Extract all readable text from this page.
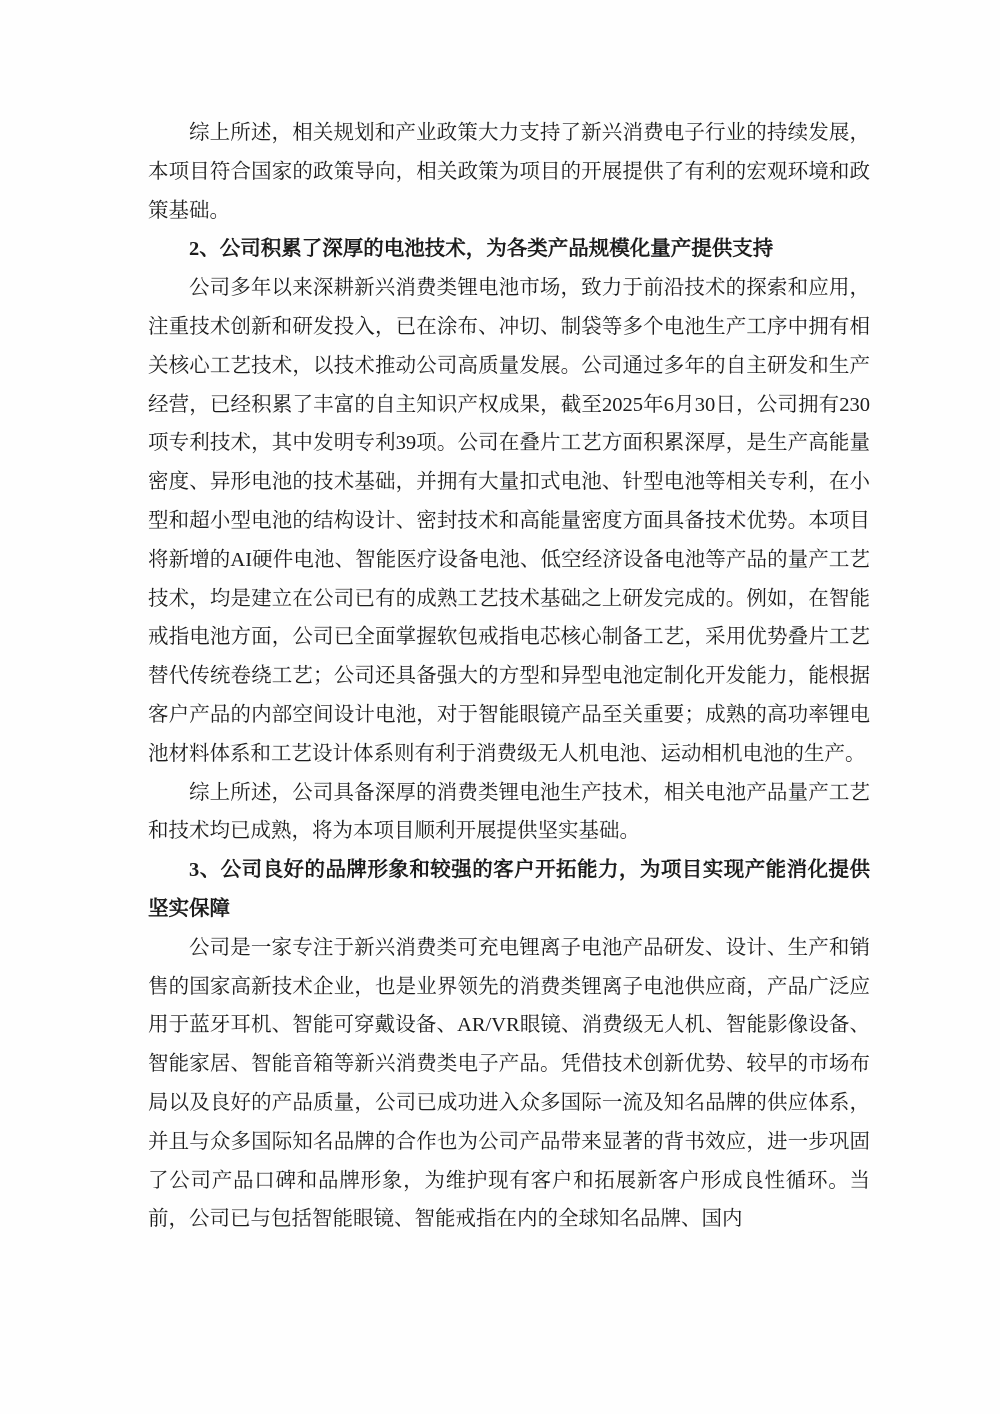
综上所述，相关规划和产业政策大力支持了新兴消费电子行业的持续发展，本项目符合国家的政策导向，相关政策为项目的开展提供了有利的宏观环境和政策基础。

2、公司积累了深厚的电池技术，为各类产品规模化量产提供支持

公司多年以来深耕新兴消费类锂电池市场，致力于前沿技术的探索和应用，注重技术创新和研发投入，已在涂布、冲切、制袋等多个电池生产工序中拥有相关核心工艺技术，以技术推动公司高质量发展。公司通过多年的自主研发和生产经营，已经积累了丰富的自主知识产权成果，截至2025年6月30日，公司拥有230项专利技术，其中发明专利39项。公司在叠片工艺方面积累深厚，是生产高能量密度、异形电池的技术基础，并拥有大量扣式电池、针型电池等相关专利，在小型和超小型电池的结构设计、密封技术和高能量密度方面具备技术优势。本项目将新增的AI硬件电池、智能医疗设备电池、低空经济设备电池等产品的量产工艺技术，均是建立在公司已有的成熟工艺技术基础之上研发完成的。例如，在智能戒指电池方面，公司已全面掌握软包戒指电芯核心制备工艺，采用优势叠片工艺替代传统卷绕工艺；公司还具备强大的方型和异型电池定制化开发能力，能根据客户产品的内部空间设计电池，对于智能眼镜产品至关重要；成熟的高功率锂电池材料体系和工艺设计体系则有利于消费级无人机电池、运动相机电池的生产。

综上所述，公司具备深厚的消费类锂电池生产技术，相关电池产品量产工艺和技术均已成熟，将为本项目顺利开展提供坚实基础。

3、公司良好的品牌形象和较强的客户开拓能力，为项目实现产能消化提供坚实保障

公司是一家专注于新兴消费类可充电锂离子电池产品研发、设计、生产和销售的国家高新技术企业，也是业界领先的消费类锂离子电池供应商，产品广泛应用于蓝牙耳机、智能可穿戴设备、AR/VR眼镜、消费级无人机、智能影像设备、智能家居、智能音箱等新兴消费类电子产品。凭借技术创新优势、较早的市场布局以及良好的产品质量，公司已成功进入众多国际一流及知名品牌的供应体系，并且与众多国际知名品牌的合作也为公司产品带来显著的背书效应，进一步巩固了公司产品口碑和品牌形象，为维护现有客户和拓展新客户形成良性循环。当前，公司已与包括智能眼镜、智能戒指在内的全球知名品牌、国内
